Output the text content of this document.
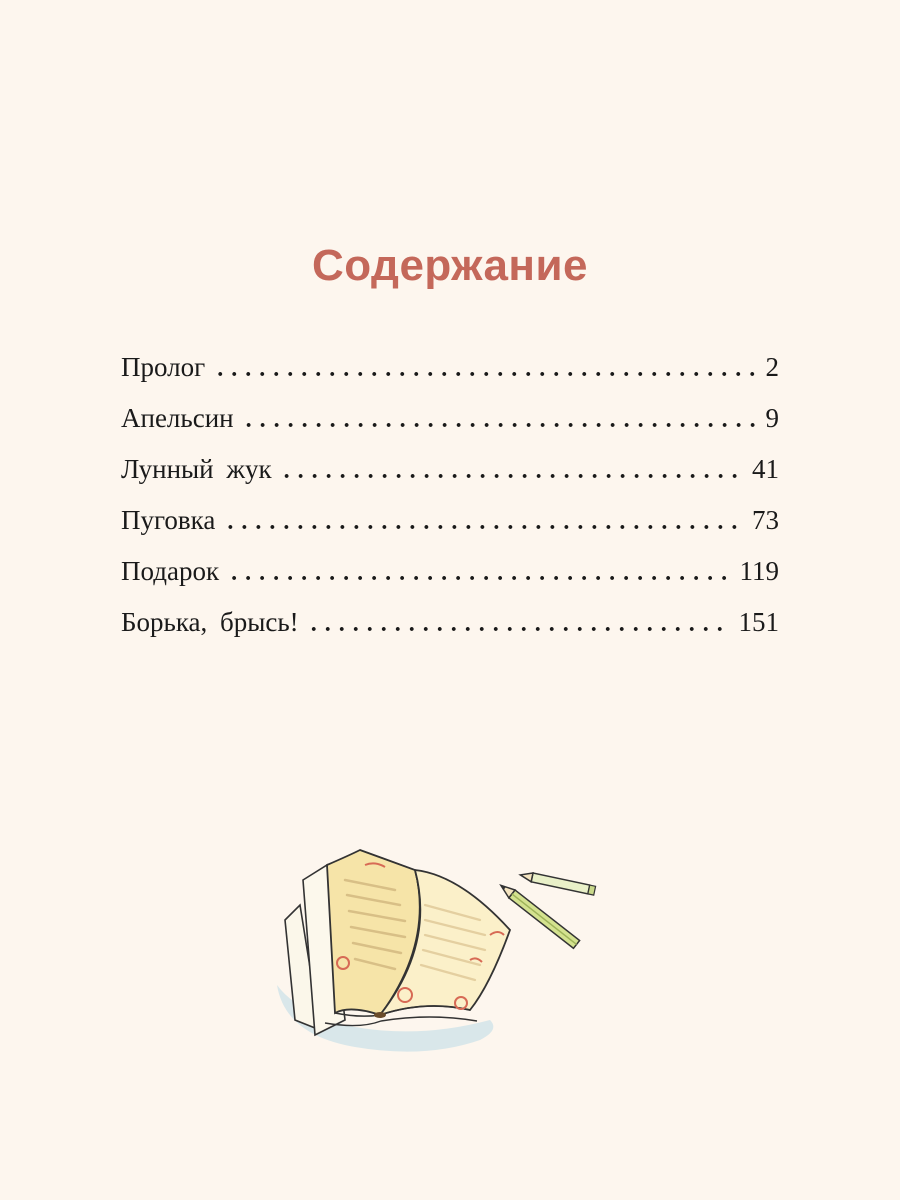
Содержание
Пролог . . .	2
Апельсин . . .	9
Лунный жук . . .	41
Пуговка . . .	73
Подарок . . .	119
Борька, брысь! . . .	151
